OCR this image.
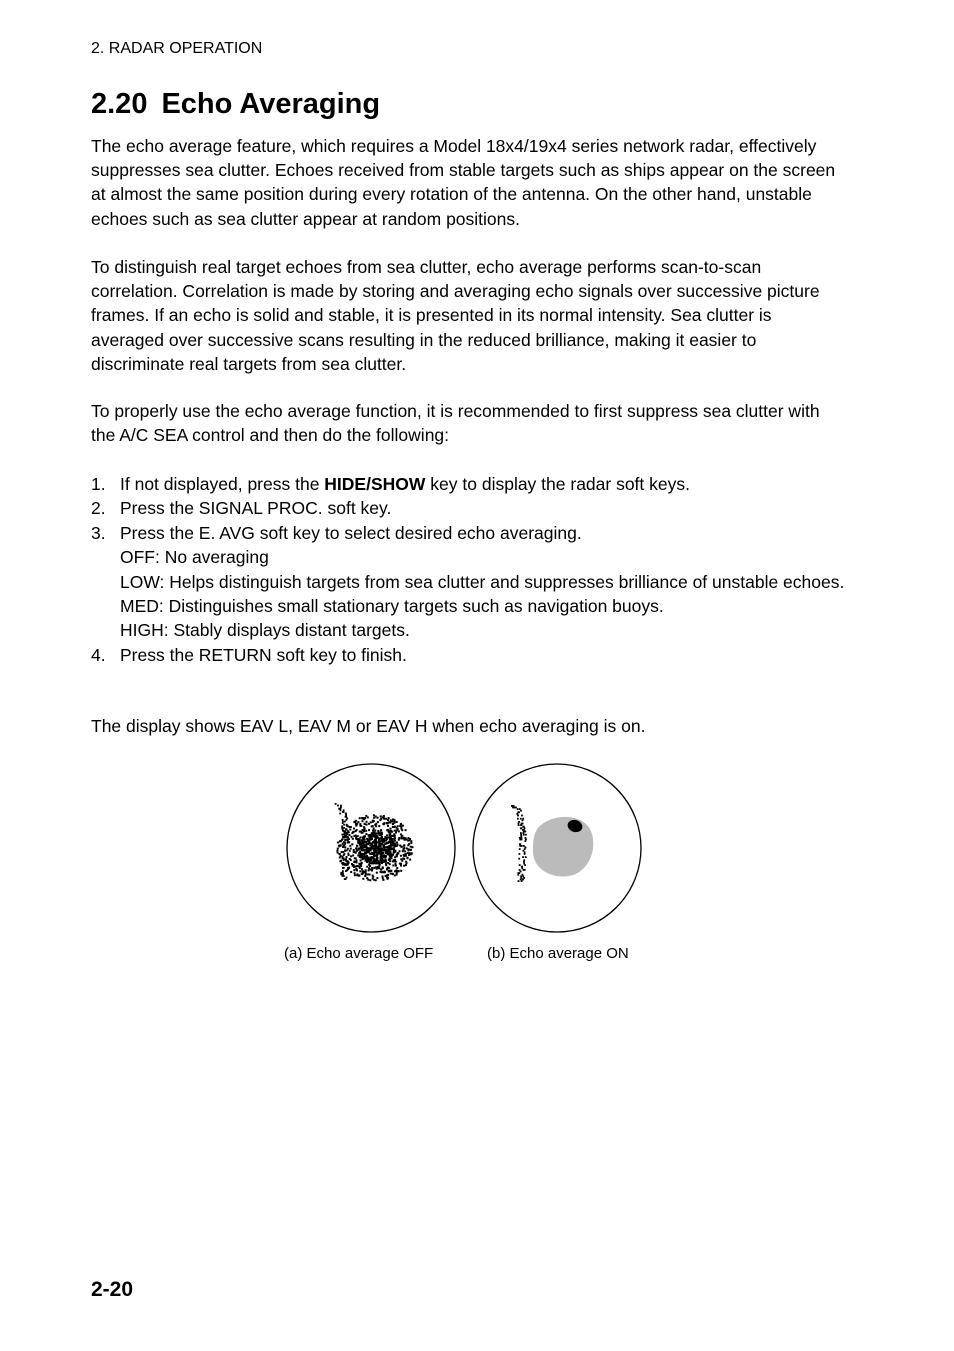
2. RADAR OPERATION
2.20 Echo Averaging

The echo average feature, which requires a Model 18x4/19x4 series network radar, effectively suppresses sea clutter. Echoes received from stable targets such as ships appear on the screen at almost the same position during every rotation of the antenna. On the other hand, unstable echoes such as sea clutter appear at random positions.

To distinguish real target echoes from sea clutter, echo average performs scan-to-scan correlation. Correlation is made by storing and averaging echo signals over successive picture frames. If an echo is solid and stable, it is presented in its normal intensity. Sea clutter is averaged over successive scans resulting in the reduced brilliance, making it easier to discriminate real targets from sea clutter.

To properly use the echo average function, it is recommended to first suppress sea clutter with the A/C SEA control and then do the following:

1. If not displayed, press the HIDE/SHOW key to display the radar soft keys.
2. Press the SIGNAL PROC. soft key.
3. Press the E. AVG soft key to select desired echo averaging.
OFF: No averaging
LOW: Helps distinguish targets from sea clutter and suppresses brilliance of unstable echoes.
MED: Distinguishes small stationary targets such as navigation buoys.
HIGH: Stably displays distant targets.
4. Press the RETURN soft key to finish.

The display shows EAV L, EAV M or EAV H when echo averaging is on.

(a) Echo average OFF	(b) Echo average ON
2-20
